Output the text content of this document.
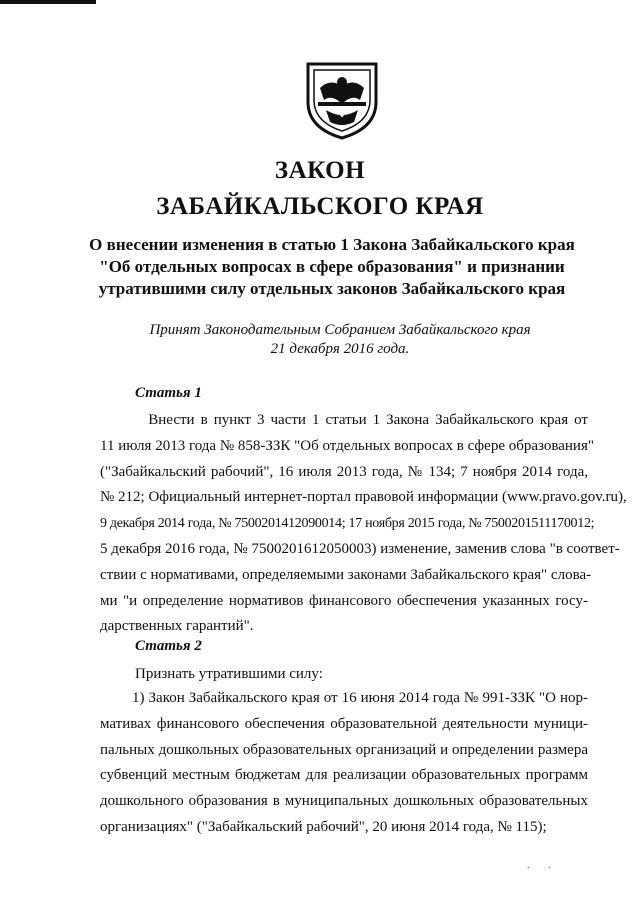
ЗАКОН
ЗАБАЙКАЛЬСКОГО КРАЯ
О внесении изменения в статью 1 Закона Забайкальского края
"Об отдельных вопросах в сфере образования" и признании
утратившими силу отдельных законов Забайкальского края
Принят Законодательным Собранием Забайкальского края
21 декабря 2016 года.
Статья 1
Внести в пункт 3 части 1 статьи 1 Закона Забайкальского края от
11 июля 2013 года № 858-ЗЗК "Об отдельных вопросах в сфере образования"
("Забайкальский рабочий", 16 июля 2013 года, № 134; 7 ноября 2014 года,
№ 212; Официальный интернет-портал правовой информации (www.pravo.gov.ru),
9 декабря 2014 года, № 7500201412090014; 17 ноября 2015 года, № 7500201511170012;
5 декабря 2016 года, № 7500201612050003) изменение, заменив слова "в соответ-
ствии с нормативами, определяемыми законами Забайкальского края" слова-
ми "и определение нормативов финансового обеспечения указанных госу-
дарственных гарантий".
Статья 2
Признать утратившими силу:
1) Закон Забайкальского края от 16 июня 2014 года № 991-ЗЗК "О нор-
мативах финансового обеспечения образовательной деятельности муници-
пальных дошкольных образовательных организаций и определении размера
субвенций местным бюджетам для реализации образовательных программ
дошкольного образования в муниципальных дошкольных образовательных
организациях" ("Забайкальский рабочий", 20 июня 2014 года, № 115);
. .
